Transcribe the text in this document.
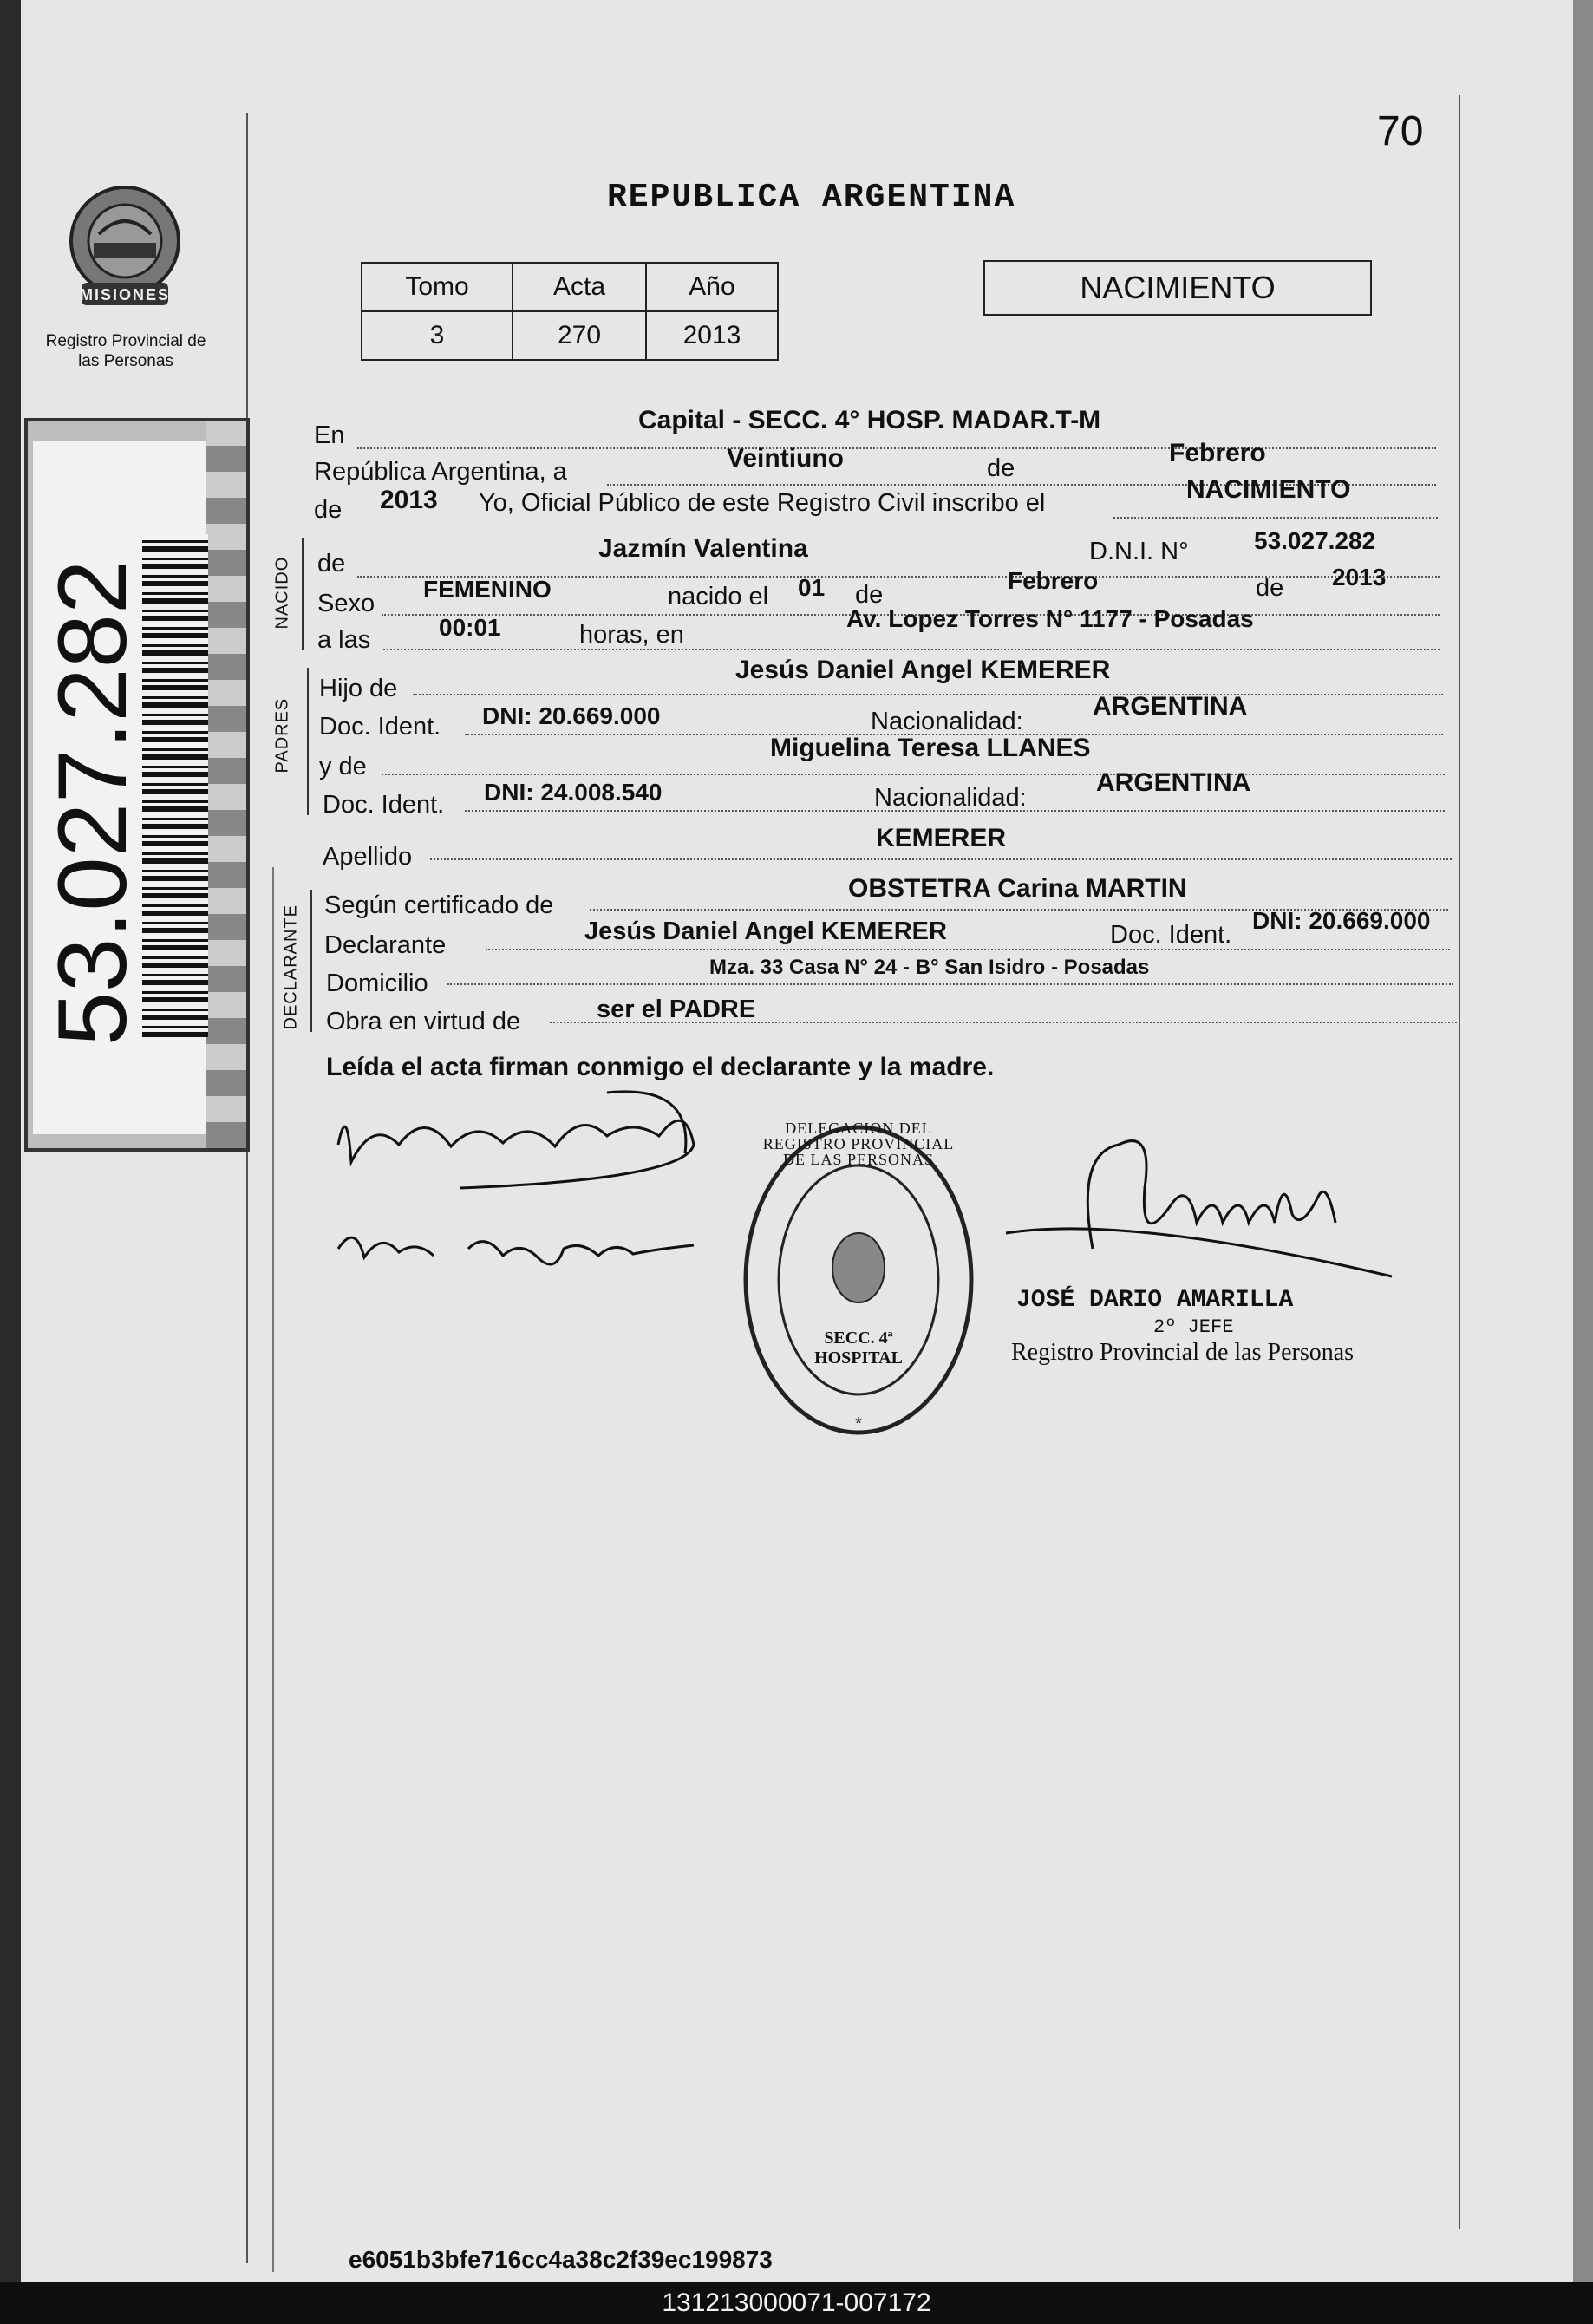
MISIONES
Registro Provincial de las Personas
53.027.282
70
REPUBLICA ARGENTINA
Tomo	Acta	Año
3	270	2013
NACIMIENTO
En
Capital - SECC. 4° HOSP. MADAR.T-M
República Argentina, a	Veintiuno	de
Febrero
de 2013 Yo, Oficial Público de este Registro Civil inscribo el	NACIMIENTO
NACIDO de
Jazmín Valentina	D.N.I. N°	53.027.282
Sexo
FEMENINO	nacido el 01 de
Febrero	de 2013
a las	00:01	horas, en
Av. Lopez Torres N° 1177 - Posadas
PADRES
Hijo de
Jesús Daniel Angel KEMERER
Doc. Ident. DNI: 20.669.000	Nacionalidad:
ARGENTINA
y de
Miguelina Teresa LLANES
Doc. Ident. DNI: 24.008.540	Nacionalidad:
ARGENTINA
Apellido
KEMERER
DECLARANTE Según certificado de
OBSTETRA Carina MARTIN
Declarante	Jesús Daniel Angel KEMERER	Doc. Ident.
DNI: 20.669.000
Domicilio
Mza. 33 Casa N° 24 - B° San Isidro - Posadas
Obra en virtud de	ser el PADRE
Leída el acta firman conmigo el declarante y la madre.
*
DELEGACION DEL REGISTRO PROVINCIAL DE LAS PERSONAS
SECC. 4ª HOSPITAL
JOSÉ DARIO AMARILLA
2º JEFE
Registro Provincial de las Personas
e6051b3bfe716cc4a38c2f39ec199873
131213000071-007172
